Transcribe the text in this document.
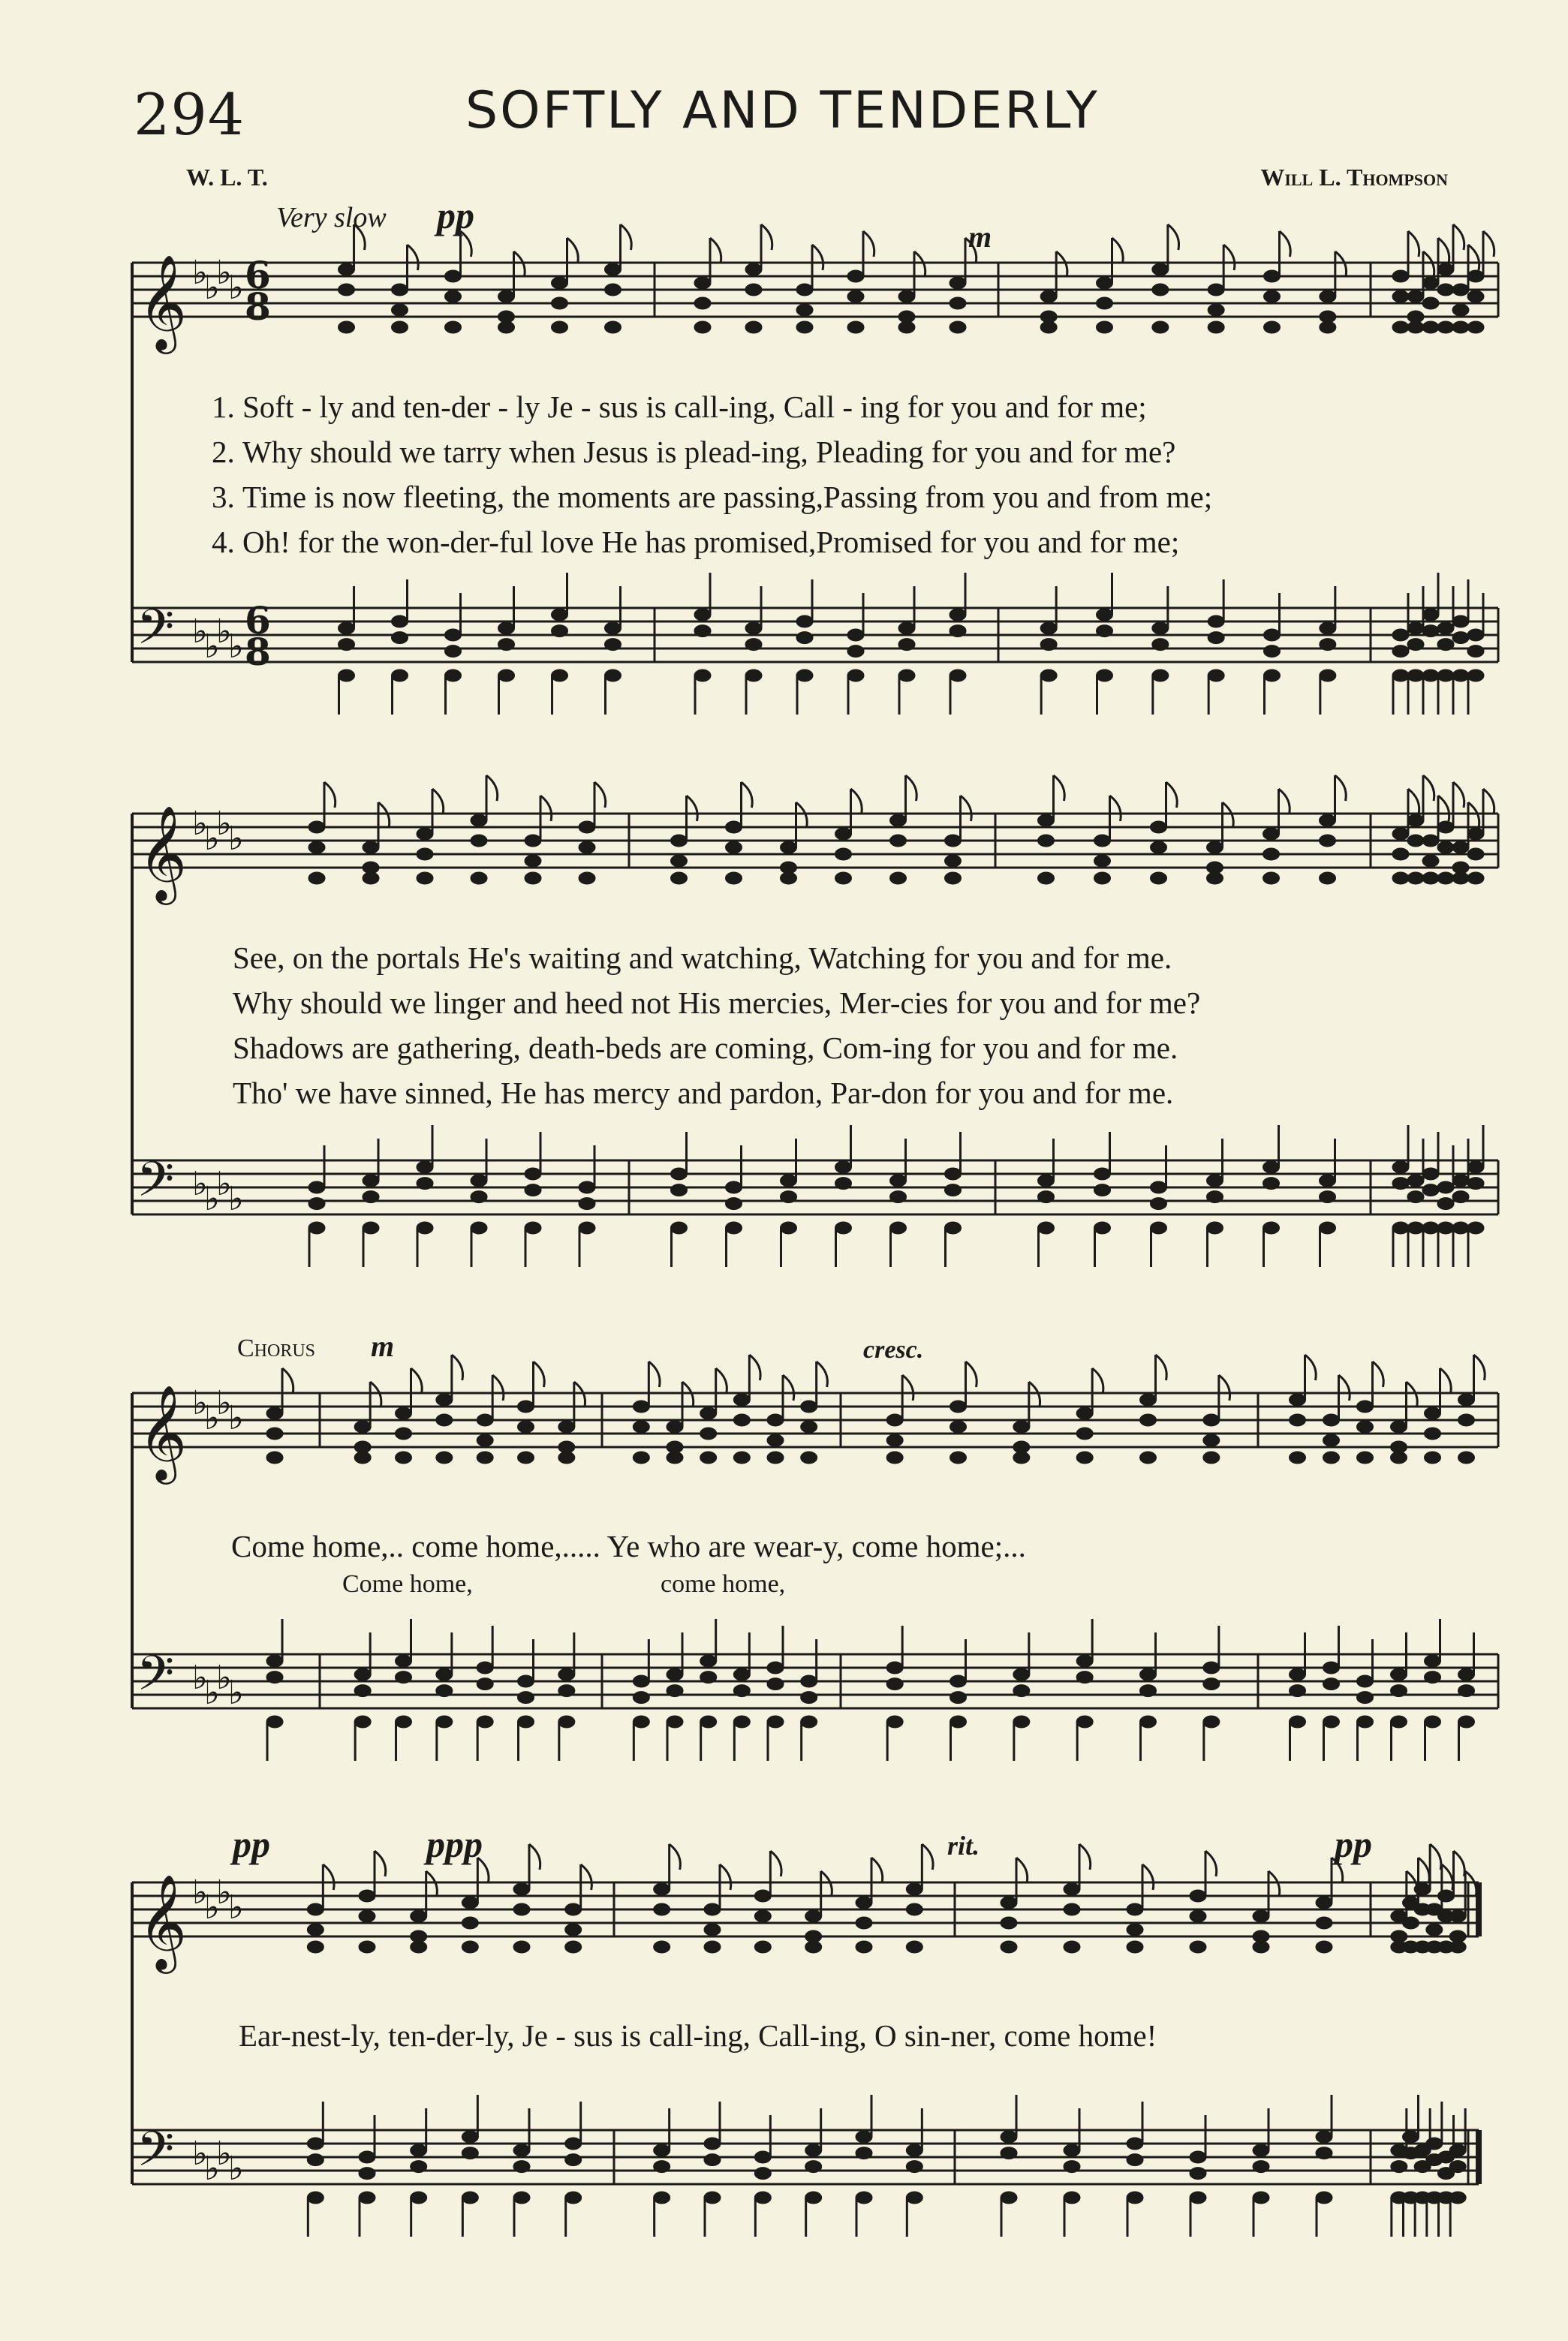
294	SOFTLY AND TENDERLY
W. L. T.	Will L. Thompson
Very slow pp
m
Chorus m	cresc.
pp	ppp	rit.	pp
1. Soft - ly and ten-der - ly Je - sus is call-ing, Call - ing for you and for me;
2. Why should we tarry when Jesus is plead-ing, Pleading for you and for me?
3. Time is now fleeting, the moments are passing,Passing from you and from me;
4. Oh! for the won-der-ful love He has promised,Promised for you and for me;
See, on the portals He's waiting and watching, Watching for you and for me.
Why should we linger and heed not His mercies, Mer-cies for you and for me?
Shadows are gathering, death-beds are coming, Com-ing for you and for me.
Tho' we have sinned, He has mercy and pardon, Par-don for you and for me.
Come home,.. come home,..... Ye who are wear-y, come home;...
Come home,	come home,
Ear-nest-ly, ten-der-ly, Je - sus is call-ing, Call-ing, O sin-ner, come home!
𝄞 ♭
♭
♭
♭ 6
8
𝄢 ♭
♭
♭
♭
6
8
𝄞 ♭
♭
♭
♭
𝄢 ♭
♭
♭
♭
𝄞 ♭
♭
♭
♭
𝄢 ♭
♭
♭
♭
𝄞 ♭
♭
♭
♭
𝄢 ♭
♭
♭
♭
